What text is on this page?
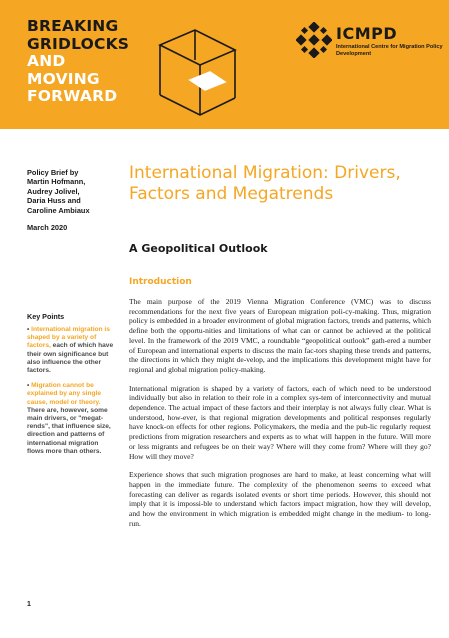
BREAKING
GRIDLOCKS
AND
MOVING
FORWARD
ICMPD
International Centre for Migration Policy Development

Policy Brief by

Martin Hofmann,

Audrey Jolivel,

Daria Huss and

Caroline Ambiaux

March 2020

Key Points

• International migration is shaped by a variety of factors, each of which have their own significance but also influence the other factors.

• Migration cannot be explained by any single cause, model or theory. There are, however, some main drivers, or "megat-rends", that influence size, direction and patterns of international migration flows more than others.

International Migration: Drivers, Factors and Megatrends
A Geopolitical Outlook
Introduction

The main purpose of the 2019 Vienna Migration Conference (VMC) was to discuss recommendations for the next five years of European migration poli-cy-making. Thus, migration policy is embedded in a broader environment of global migration factors, trends and patterns, which define both the opportu-nities and limitations of what can or cannot be achieved at the political level. In the framework of the 2019 VMC, a roundtable “geopolitical outlook” gath-ered a number of European and international experts to discuss the main fac-tors shaping these trends and patterns, the directions in which they might de-velop, and the implications this development might have for regional and global migration policy-making.

International migration is shaped by a variety of factors, each of which need to be understood individually but also in relation to their role in a complex sys-tem of interconnectivity and mutual dependence. The actual impact of these factors and their interplay is not always fully clear. What is understood, how-ever, is that regional migration developments and political responses regularly have knock-on effects for other regions. Policymakers, the media and the pub-lic regularly request predictions from migration researchers and experts as to what will happen in the future. Will more or less migrants and refugees be on their way? Where will they come from? Where will they go? How will they move?

Experience shows that such migration prognoses are hard to make, at least concerning what will happen in the immediate future. The complexity of the phenomenon seems to exceed what forecasting can deliver as regards isolated events or short time periods. However, this should not imply that it is impossi-ble to understand which factors impact migration, how they will develop, and how the environment in which migration is embedded might change in the medium- to long-run.

1
